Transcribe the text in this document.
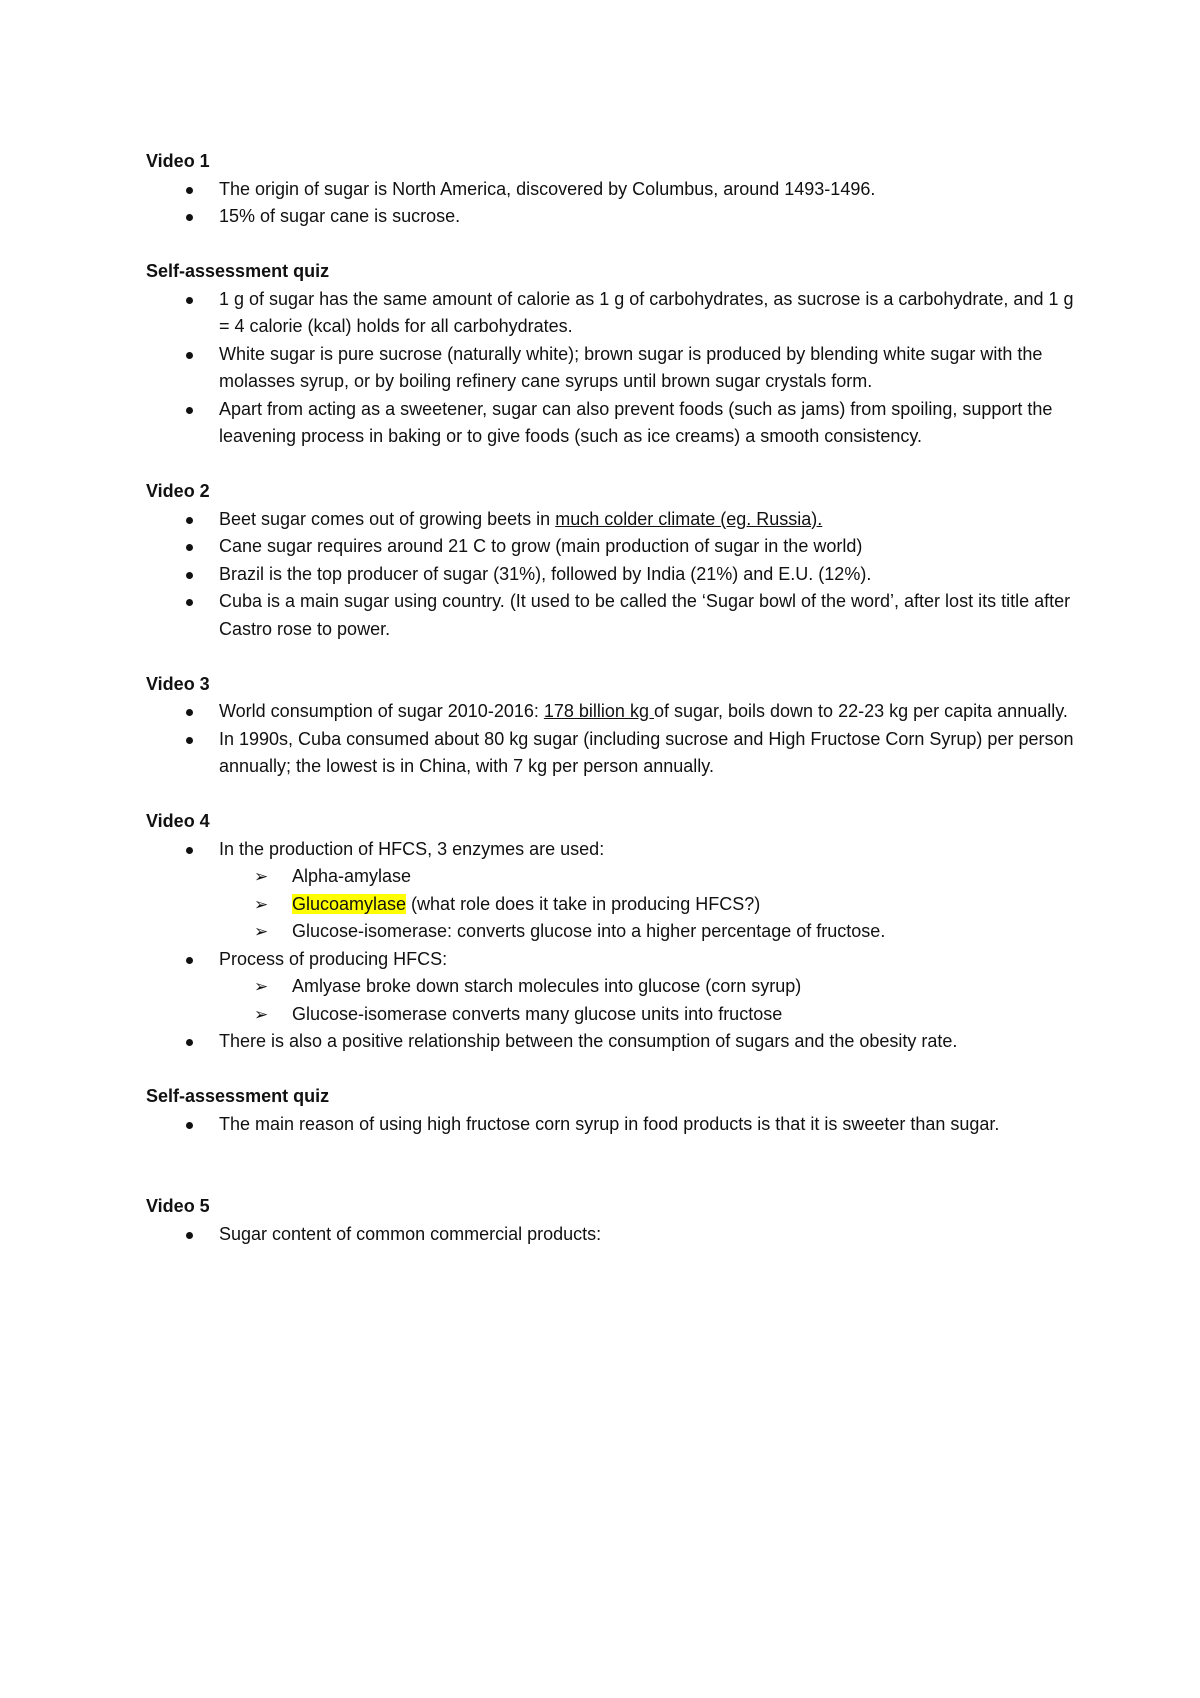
Video 1

The origin of sugar is North America, discovered by Columbus, around 1493-1496.
15% of sugar cane is sucrose.

Self-assessment quiz

1 g of sugar has the same amount of calorie as 1 g of carbohydrates, as sucrose is a carbohydrate, and 1 g = 4 calorie (kcal) holds for all carbohydrates.
White sugar is pure sucrose (naturally white); brown sugar is produced by blending white sugar with the molasses syrup, or by boiling refinery cane syrups until brown sugar crystals form.
Apart from acting as a sweetener, sugar can also prevent foods (such as jams) from spoiling, support the leavening process in baking or to give foods (such as ice creams) a smooth consistency.

Video 2

Beet sugar comes out of growing beets in much colder climate (eg. Russia).
Cane sugar requires around 21 C to grow (main production of sugar in the world)
Brazil is the top producer of sugar (31%), followed by India (21%) and E.U. (12%).
Cuba is a main sugar using country. (It used to be called the ‘Sugar bowl of the word’, after lost its title after Castro rose to power.

Video 3

World consumption of sugar 2010-2016: 178 billion kg of sugar, boils down to 22-23 kg per capita annually.
In 1990s, Cuba consumed about 80 kg sugar (including sucrose and High Fructose Corn Syrup) per person annually; the lowest is in China, with 7 kg per person annually.

Video 4

In the production of HFCS, 3 enzymes are used:
➢ Alpha-amylase
➢ Glucoamylase (what role does it take in producing HFCS?)
➢ Glucose-isomerase: converts glucose into a higher percentage of fructose.
Process of producing HFCS:
➢ Amlyase broke down starch molecules into glucose (corn syrup)
➢ Glucose-isomerase converts many glucose units into fructose
There is also a positive relationship between the consumption of sugars and the obesity rate.

Self-assessment quiz

The main reason of using high fructose corn syrup in food products is that it is sweeter than sugar.

Video 5

Sugar content of common commercial products:
